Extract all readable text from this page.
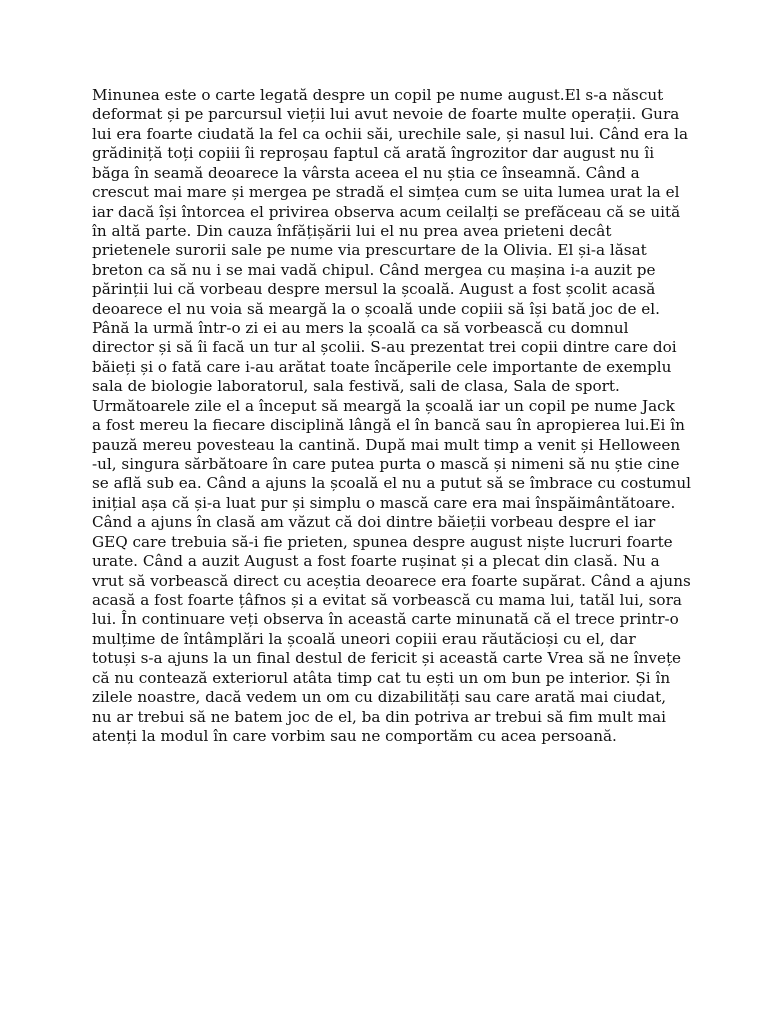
Minunea este o carte legată despre un copil pe nume august.El s-a născut
deformat și pe parcursul vieții lui avut nevoie de foarte multe operații. Gura
lui era foarte ciudată la fel ca ochii săi, urechile sale, și nasul lui. Când era la
grădiniță toți copiii îi reproșau faptul că arată îngrozitor dar august nu îi
băga în seamă deoarece la vârsta aceea el nu știa ce înseamnă. Când a
crescut mai mare și mergea pe stradă el simțea cum se uita lumea urat la el
iar dacă își întorcea el privirea observa acum ceilalți se prefăceau că se uită
în altă parte. Din cauza înfățișării lui el nu prea avea prieteni decât
prietenele surorii sale pe nume via prescurtare de la Olivia. El și-a lăsat
breton ca să nu i se mai vadă chipul. Când mergea cu mașina i-a auzit pe
părinții lui că vorbeau despre mersul la școală. August a fost școlit acasă
deoarece el nu voia să meargă la o școală unde copiii să își bată joc de el.
Până la urmă într-o zi ei au mers la școală ca să vorbească cu domnul
director și să îi facă un tur al școlii. S-au prezentat trei copii dintre care doi
băieți și o fată care i-au arătat toate încăperile cele importante de exemplu
sala de biologie laboratorul, sala festivă, sali de clasa, Sala de sport.
Următoarele zile el a început să meargă la școală iar un copil pe nume Jack
a fost mereu la fiecare disciplină lângă el în bancă sau în apropierea lui.Ei în
pauză mereu povesteau la cantină. După mai mult timp a venit și Helloween
-ul, singura sărbătoare în care putea purta o mască și nimeni să nu știe cine
se află sub ea. Când a ajuns la școală el nu a putut să se îmbrace cu costumul
inițial așa că și-a luat pur și simplu o mască care era mai înspăimântătoare.
Când a ajuns în clasă am văzut că doi dintre băieții vorbeau despre el iar
GEQ care trebuia să-i fie prieten, spunea despre august niște lucruri foarte
urate. Când a auzit August a fost foarte rușinat și a plecat din clasă. Nu a
vrut să vorbească direct cu aceștia deoarece era foarte supărat. Când a ajuns
acasă a fost foarte țâfnos și a evitat să vorbească cu mama lui, tatăl lui, sora
lui. În continuare veți observa în această carte minunată că el trece printr-o
mulțime de întâmplări la școală uneori copiii erau răutăcioși cu el, dar
totuși s-a ajuns la un final destul de fericit și această carte Vrea să ne învețe
că nu contează exteriorul atâta timp cat tu ești un om bun pe interior. Și în
zilele noastre, dacă vedem un om cu dizabilități sau care arată mai ciudat,
nu ar trebui să ne batem joc de el, ba din potriva ar trebui să fim mult mai
atenți la modul în care vorbim sau ne comportăm cu acea persoană.
